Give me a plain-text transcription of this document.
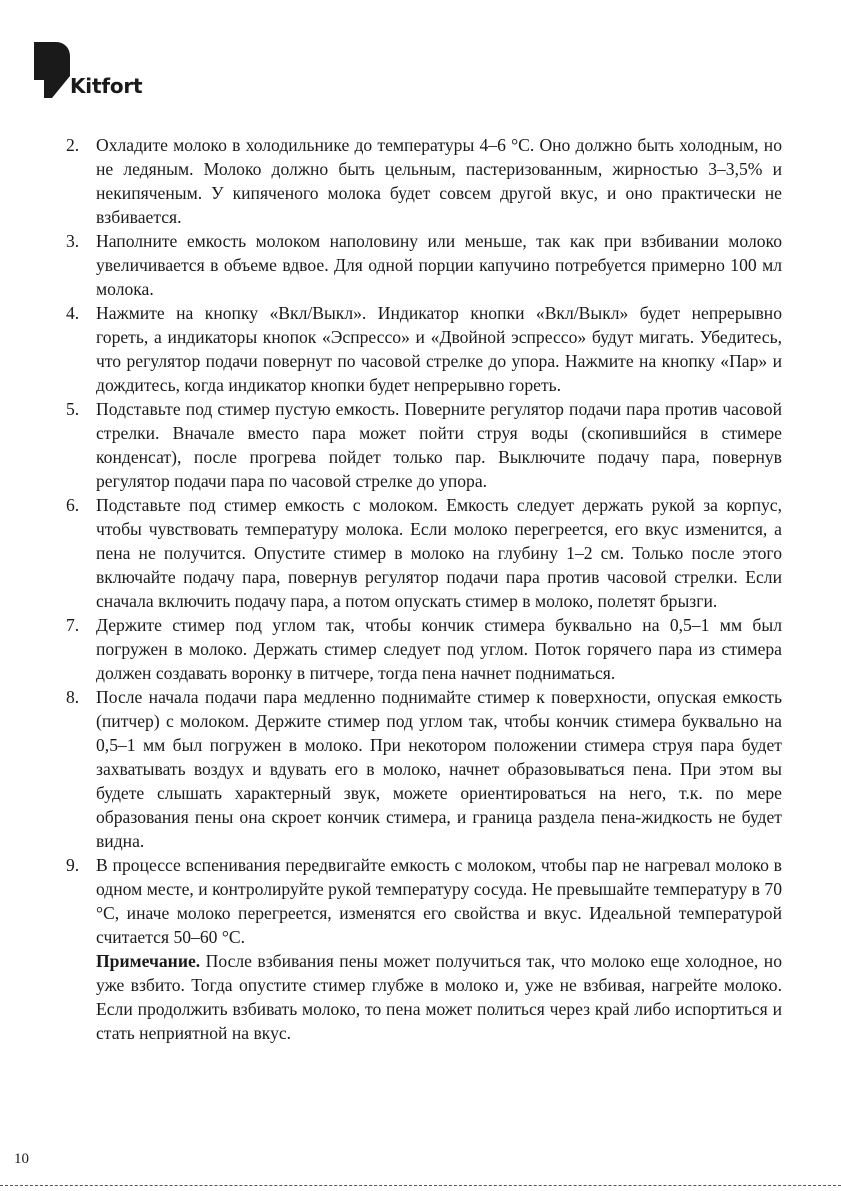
Kitfort
2. Охладите молоко в холодильнике до температуры 4–6 °С. Оно должно быть холодным, но не ледяным. Молоко должно быть цельным, пастеризованным, жирностью 3–3,5% и некипяченым. У кипяченого молока будет совсем другой вкус, и оно практически не взбивается.
3. Наполните емкость молоком наполовину или меньше, так как при взбивании молоко увеличивается в объеме вдвое. Для одной порции капучино потребуется примерно 100 мл молока.
4. Нажмите на кнопку «Вкл/Выкл». Индикатор кнопки «Вкл/Выкл» будет непрерывно гореть, а индикаторы кнопок «Эспрессо» и «Двойной эспрессо» будут мигать. Убедитесь, что регулятор подачи повернут по часовой стрелке до упора. Нажмите на кнопку «Пар» и дождитесь, когда индикатор кнопки будет непрерывно гореть.
5. Подставьте под стимер пустую емкость. Поверните регулятор подачи пара против часовой стрелки. Вначале вместо пара может пойти струя воды (скопившийся в стимере конденсат), после прогрева пойдет только пар. Выключите подачу пара, повернув регулятор подачи пара по часовой стрелке до упора.
6. Подставьте под стимер емкость с молоком. Емкость следует держать рукой за корпус, чтобы чувствовать температуру молока. Если молоко перегреется, его вкус изменится, а пена не получится. Опустите стимер в молоко на глубину 1–2 см. Только после этого включайте подачу пара, повернув регулятор подачи пара против часовой стрелки. Если сначала включить подачу пара, а потом опускать стимер в молоко, полетят брызги.
7. Держите стимер под углом так, чтобы кончик стимера буквально на 0,5–1 мм был погружен в молоко. Держать стимер следует под углом. Поток горячего пара из стимера должен создавать воронку в питчере, тогда пена начнет подниматься.
8. После начала подачи пара медленно поднимайте стимер к поверхности, опуская емкость (питчер) с молоком. Держите стимер под углом так, чтобы кончик стимера буквально на 0,5–1 мм был погружен в молоко. При некотором положении стимера струя пара будет захватывать воздух и вдувать его в молоко, начнет образовываться пена. При этом вы будете слышать характерный звук, можете ориентироваться на него, т.к. по мере образования пены она скроет кончик стимера, и граница раздела пена-жидкость не будет видна.
9. В процессе вспенивания передвигайте емкость с молоком, чтобы пар не нагревал молоко в одном месте, и контролируйте рукой температуру сосуда. Не превышайте температуру в 70 °С, иначе молоко перегреется, изменятся его свойства и вкус. Идеальной температурой считается 50–60 °С.
Примечание. После взбивания пены может получиться так, что молоко еще холодное, но уже взбито. Тогда опустите стимер глубже в молоко и, уже не взбивая, нагрейте молоко. Если продолжить взбивать молоко, то пена может политься через край либо испортиться и стать неприятной на вкус.
10
